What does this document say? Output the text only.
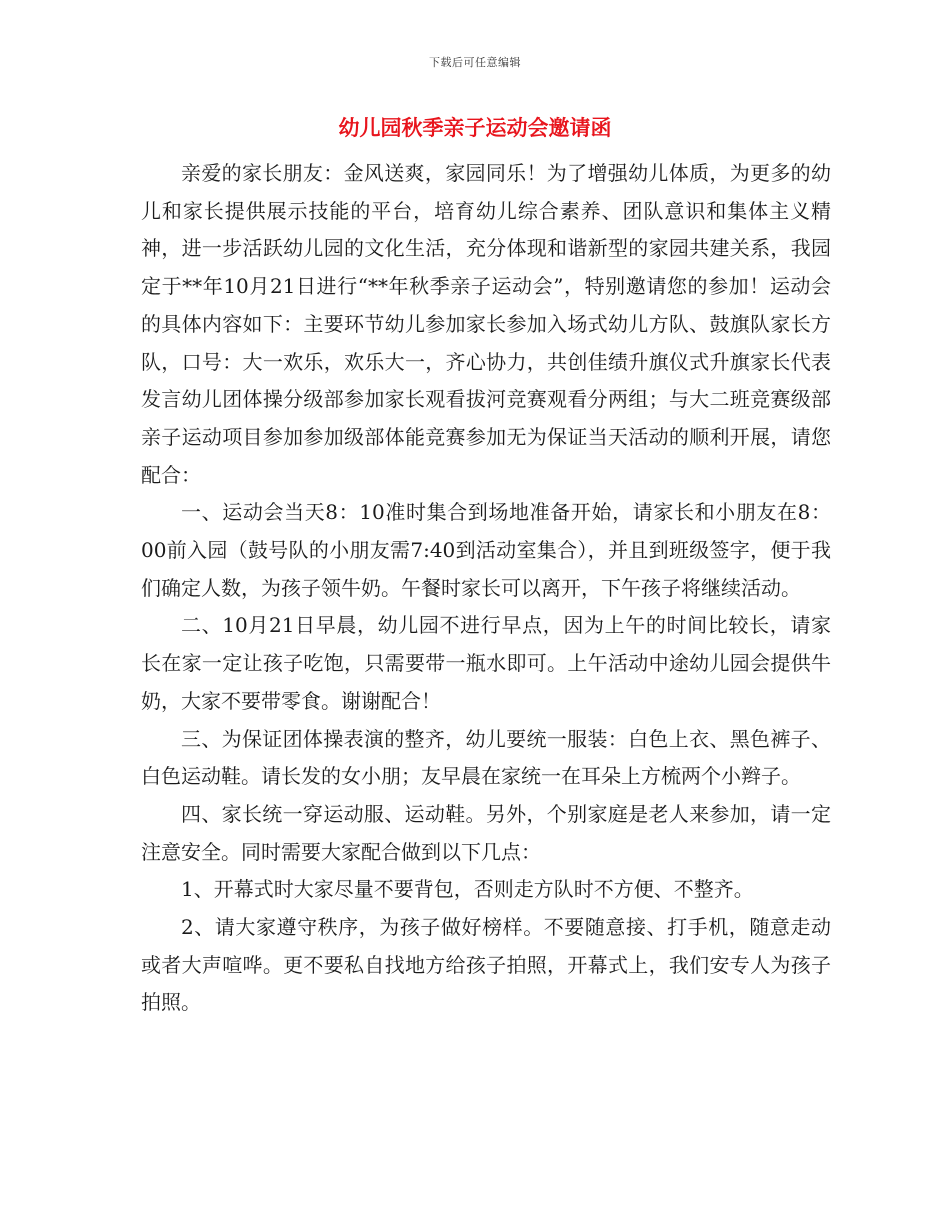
下载后可任意编辑
幼儿园秋季亲子运动会邀请函

亲爱的家长朋友：金风送爽，家园同乐！为了增强幼儿体质，为更多的幼儿和家长提供展示技能的平台，培育幼儿综合素养、团队意识和集体主义精神，进一步活跃幼儿园的文化生活，充分体现和谐新型的家园共建关系，我园定于**年10月21日进行“**年秋季亲子运动会”，特别邀请您的参加！运动会的具体内容如下：主要环节幼儿参加家长参加入场式幼儿方队、鼓旗队家长方队，口号：大一欢乐，欢乐大一，齐心协力，共创佳绩升旗仪式升旗家长代表发言幼儿团体操分级部参加家长观看拔河竞赛观看分两组；与大二班竞赛级部亲子运动项目参加参加级部体能竞赛参加无为保证当天活动的顺利开展，请您配合：

一、运动会当天8：10准时集合到场地准备开始，请家长和小朋友在8：00前入园（鼓号队的小朋友需7:40到活动室集合），并且到班级签字，便于我们确定人数，为孩子领牛奶。午餐时家长可以离开，下午孩子将继续活动。

二、10月21日早晨，幼儿园不进行早点，因为上午的时间比较长，请家长在家一定让孩子吃饱，只需要带一瓶水即可。上午活动中途幼儿园会提供牛奶，大家不要带零食。谢谢配合！

三、为保证团体操表演的整齐，幼儿要统一服装：白色上衣、黑色裤子、白色运动鞋。请长发的女小朋；友早晨在家统一在耳朵上方梳两个小辫子。

四、家长统一穿运动服、运动鞋。另外，个别家庭是老人来参加，请一定注意安全。同时需要大家配合做到以下几点：

1、开幕式时大家尽量不要背包，否则走方队时不方便、不整齐。

2、请大家遵守秩序，为孩子做好榜样。不要随意接、打手机，随意走动或者大声喧哗。更不要私自找地方给孩子拍照，开幕式上，我们安专人为孩子拍照。
